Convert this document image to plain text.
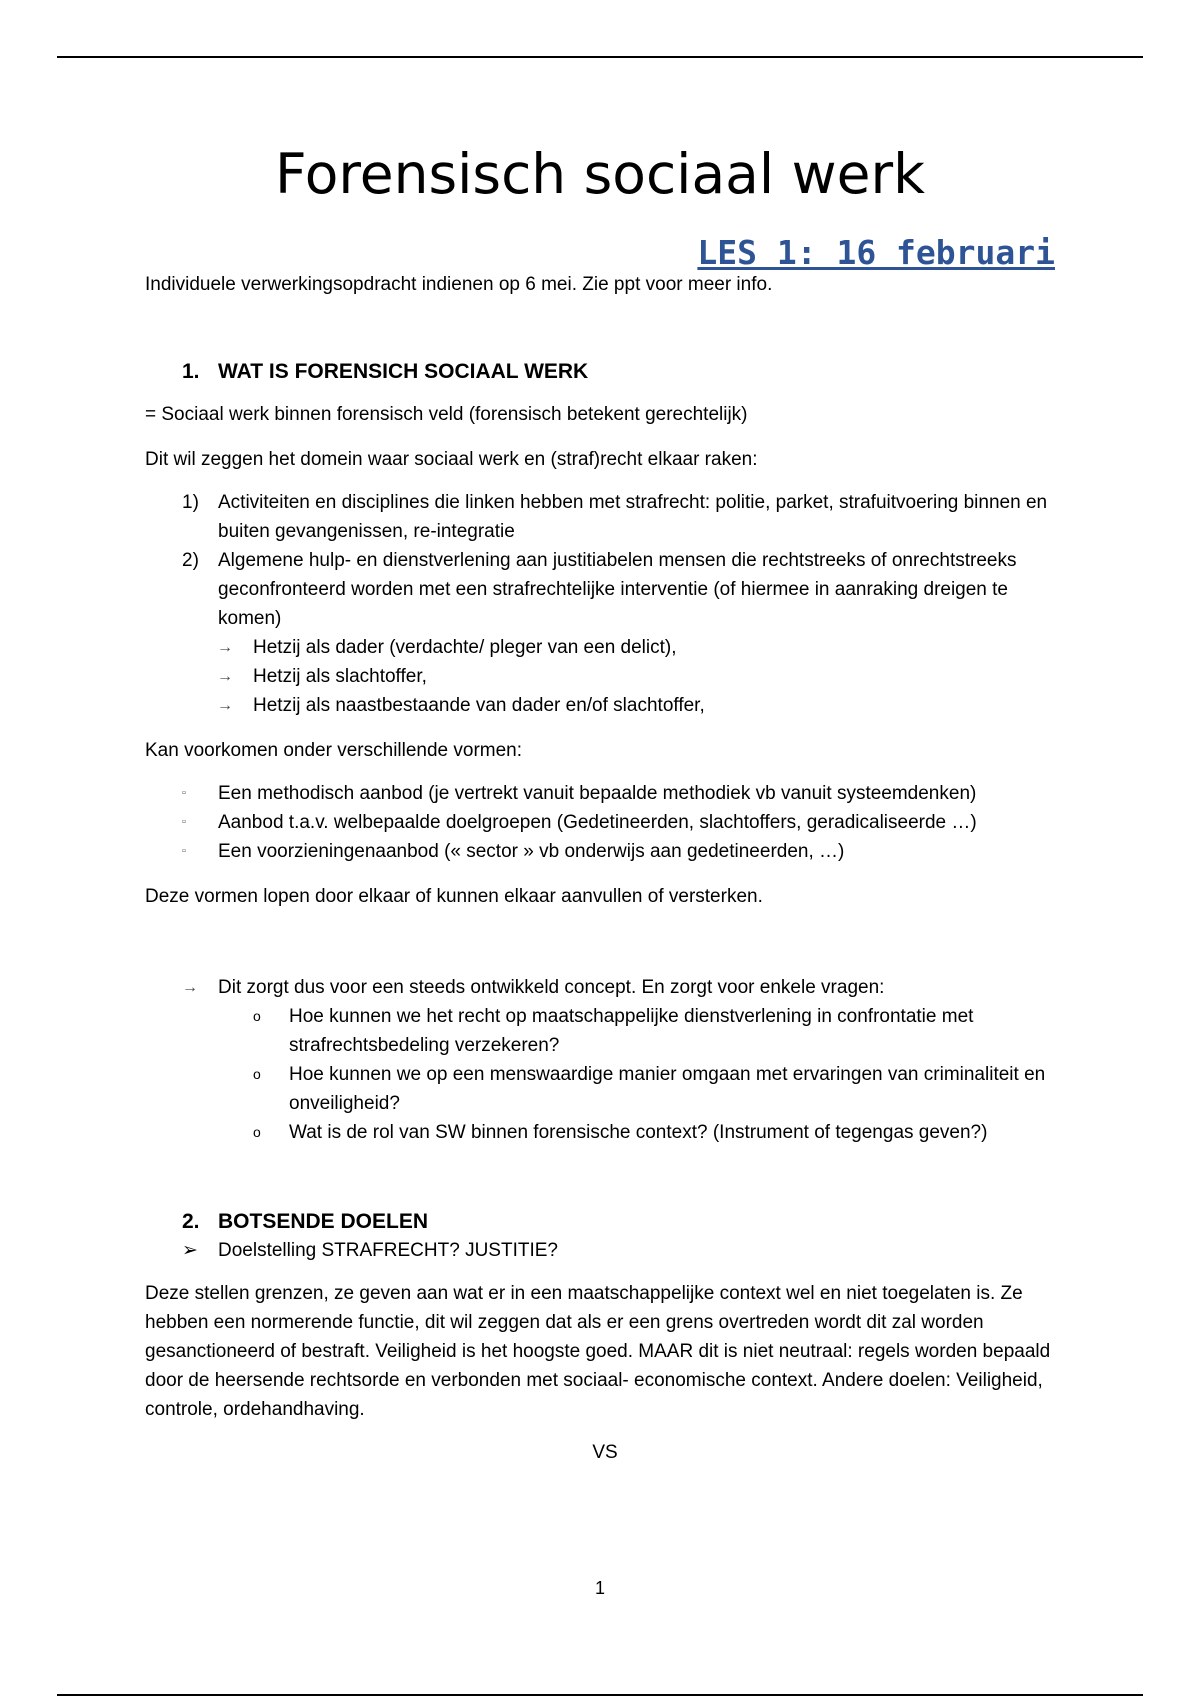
Forensisch sociaal werk
LES 1: 16 februari

Individuele verwerkingsopdracht indienen op 6 mei. Zie ppt voor meer info.

1. WAT IS FORENSICH SOCIAAL WERK

= Sociaal werk binnen forensisch veld (forensisch betekent gerechtelijk)

Dit wil zeggen het domein waar sociaal werk en (straf)recht elkaar raken:

1)	Activiteiten en disciplines die linken hebben met strafrecht: politie, parket, strafuitvoering binnen en buiten gevangenissen, re-integratie
2)	Algemene hulp- en dienstverlening aan justitiabelen mensen die rechtstreeks of onrechtstreeks geconfronteerd worden met een strafrechtelijke interventie (of hiermee in aanraking dreigen te komen)
→	Hetzij als dader (verdachte/ pleger van een delict),
→	Hetzij als slachtoffer,
→	Hetzij als naastbestaande van dader en/of slachtoffer,

Kan voorkomen onder verschillende vormen:

▫	Een methodisch aanbod (je vertrekt vanuit bepaalde methodiek vb vanuit systeemdenken)
▫	Aanbod t.a.v. welbepaalde doelgroepen (Gedetineerden, slachtoffers, geradicaliseerde …)
▫	Een voorzieningenaanbod (« sector » vb onderwijs aan gedetineerden, …)

Deze vormen lopen door elkaar of kunnen elkaar aanvullen of versterken.

→	Dit zorgt dus voor een steeds ontwikkeld concept. En zorgt voor enkele vragen:
o	Hoe kunnen we het recht op maatschappelijke dienstverlening in confrontatie met strafrechtsbedeling verzekeren?
o	Hoe kunnen we op een menswaardige manier omgaan met ervaringen van criminaliteit en onveiligheid?
o	Wat is de rol van SW binnen forensische context? (Instrument of tegengas geven?)
2. BOTSENDE DOELEN
➢	Doelstelling STRAFRECHT? JUSTITIE?

Deze stellen grenzen, ze geven aan wat er in een maatschappelijke context wel en niet toegelaten is. Ze hebben een normerende functie, dit wil zeggen dat als er een grens overtreden wordt dit zal worden gesanctioneerd of bestraft. Veiligheid is het hoogste goed. MAAR dit is niet neutraal: regels worden bepaald door de heersende rechtsorde en verbonden met sociaal- economische context. Andere doelen: Veiligheid, controle, ordehandhaving.

VS

1
